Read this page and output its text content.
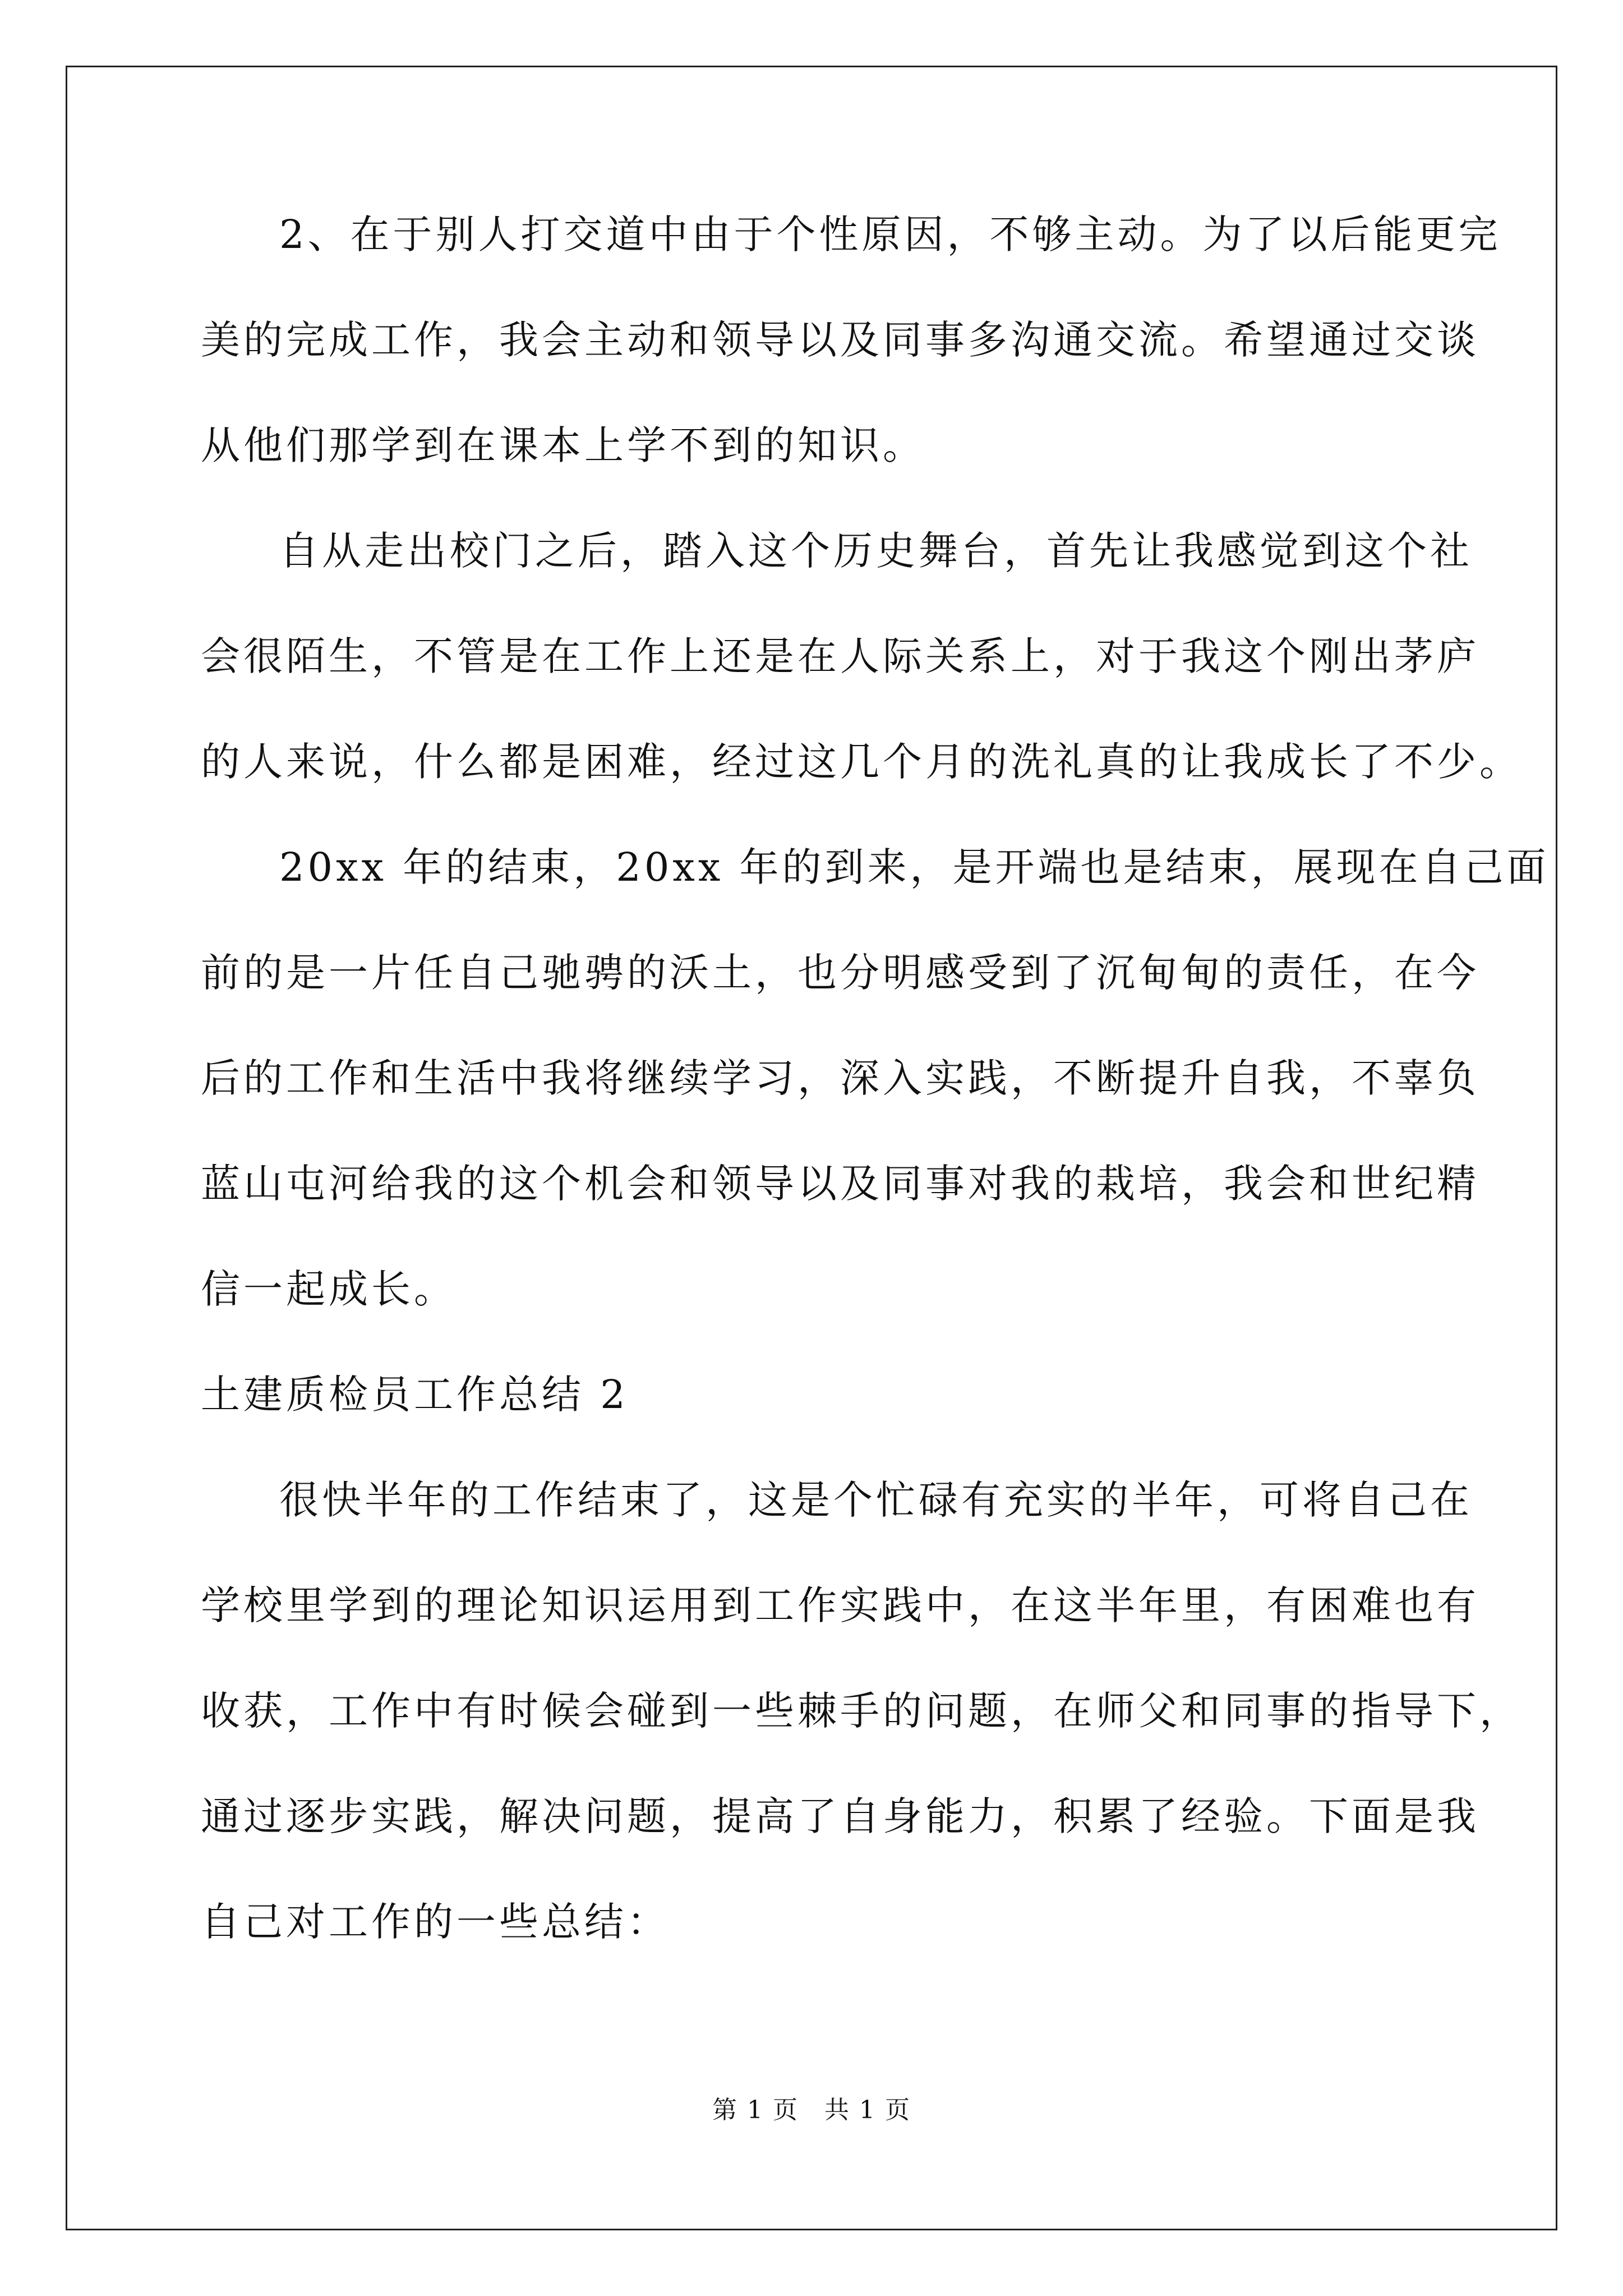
2、在于别人打交道中由于个性原因，不够主动。为了以后能更完
美的完成工作，我会主动和领导以及同事多沟通交流。希望通过交谈
从他们那学到在课本上学不到的知识。
自从走出校门之后，踏入这个历史舞台，首先让我感觉到这个社
会很陌生，不管是在工作上还是在人际关系上，对于我这个刚出茅庐
的人来说，什么都是困难，经过这几个月的洗礼真的让我成长了不少。
20xx 年的结束，20xx 年的到来，是开端也是结束，展现在自己面
前的是一片任自己驰骋的沃土，也分明感受到了沉甸甸的责任，在今
后的工作和生活中我将继续学习，深入实践，不断提升自我，不辜负
蓝山屯河给我的这个机会和领导以及同事对我的栽培，我会和世纪精
信一起成长。
土建质检员工作总结 2
很快半年的工作结束了，这是个忙碌有充实的半年，可将自己在
学校里学到的理论知识运用到工作实践中，在这半年里，有困难也有
收获，工作中有时候会碰到一些棘手的问题，在师父和同事的指导下，
通过逐步实践，解决问题，提高了自身能力，积累了经验。下面是我
自己对工作的一些总结：
第 1 页　共 1 页
